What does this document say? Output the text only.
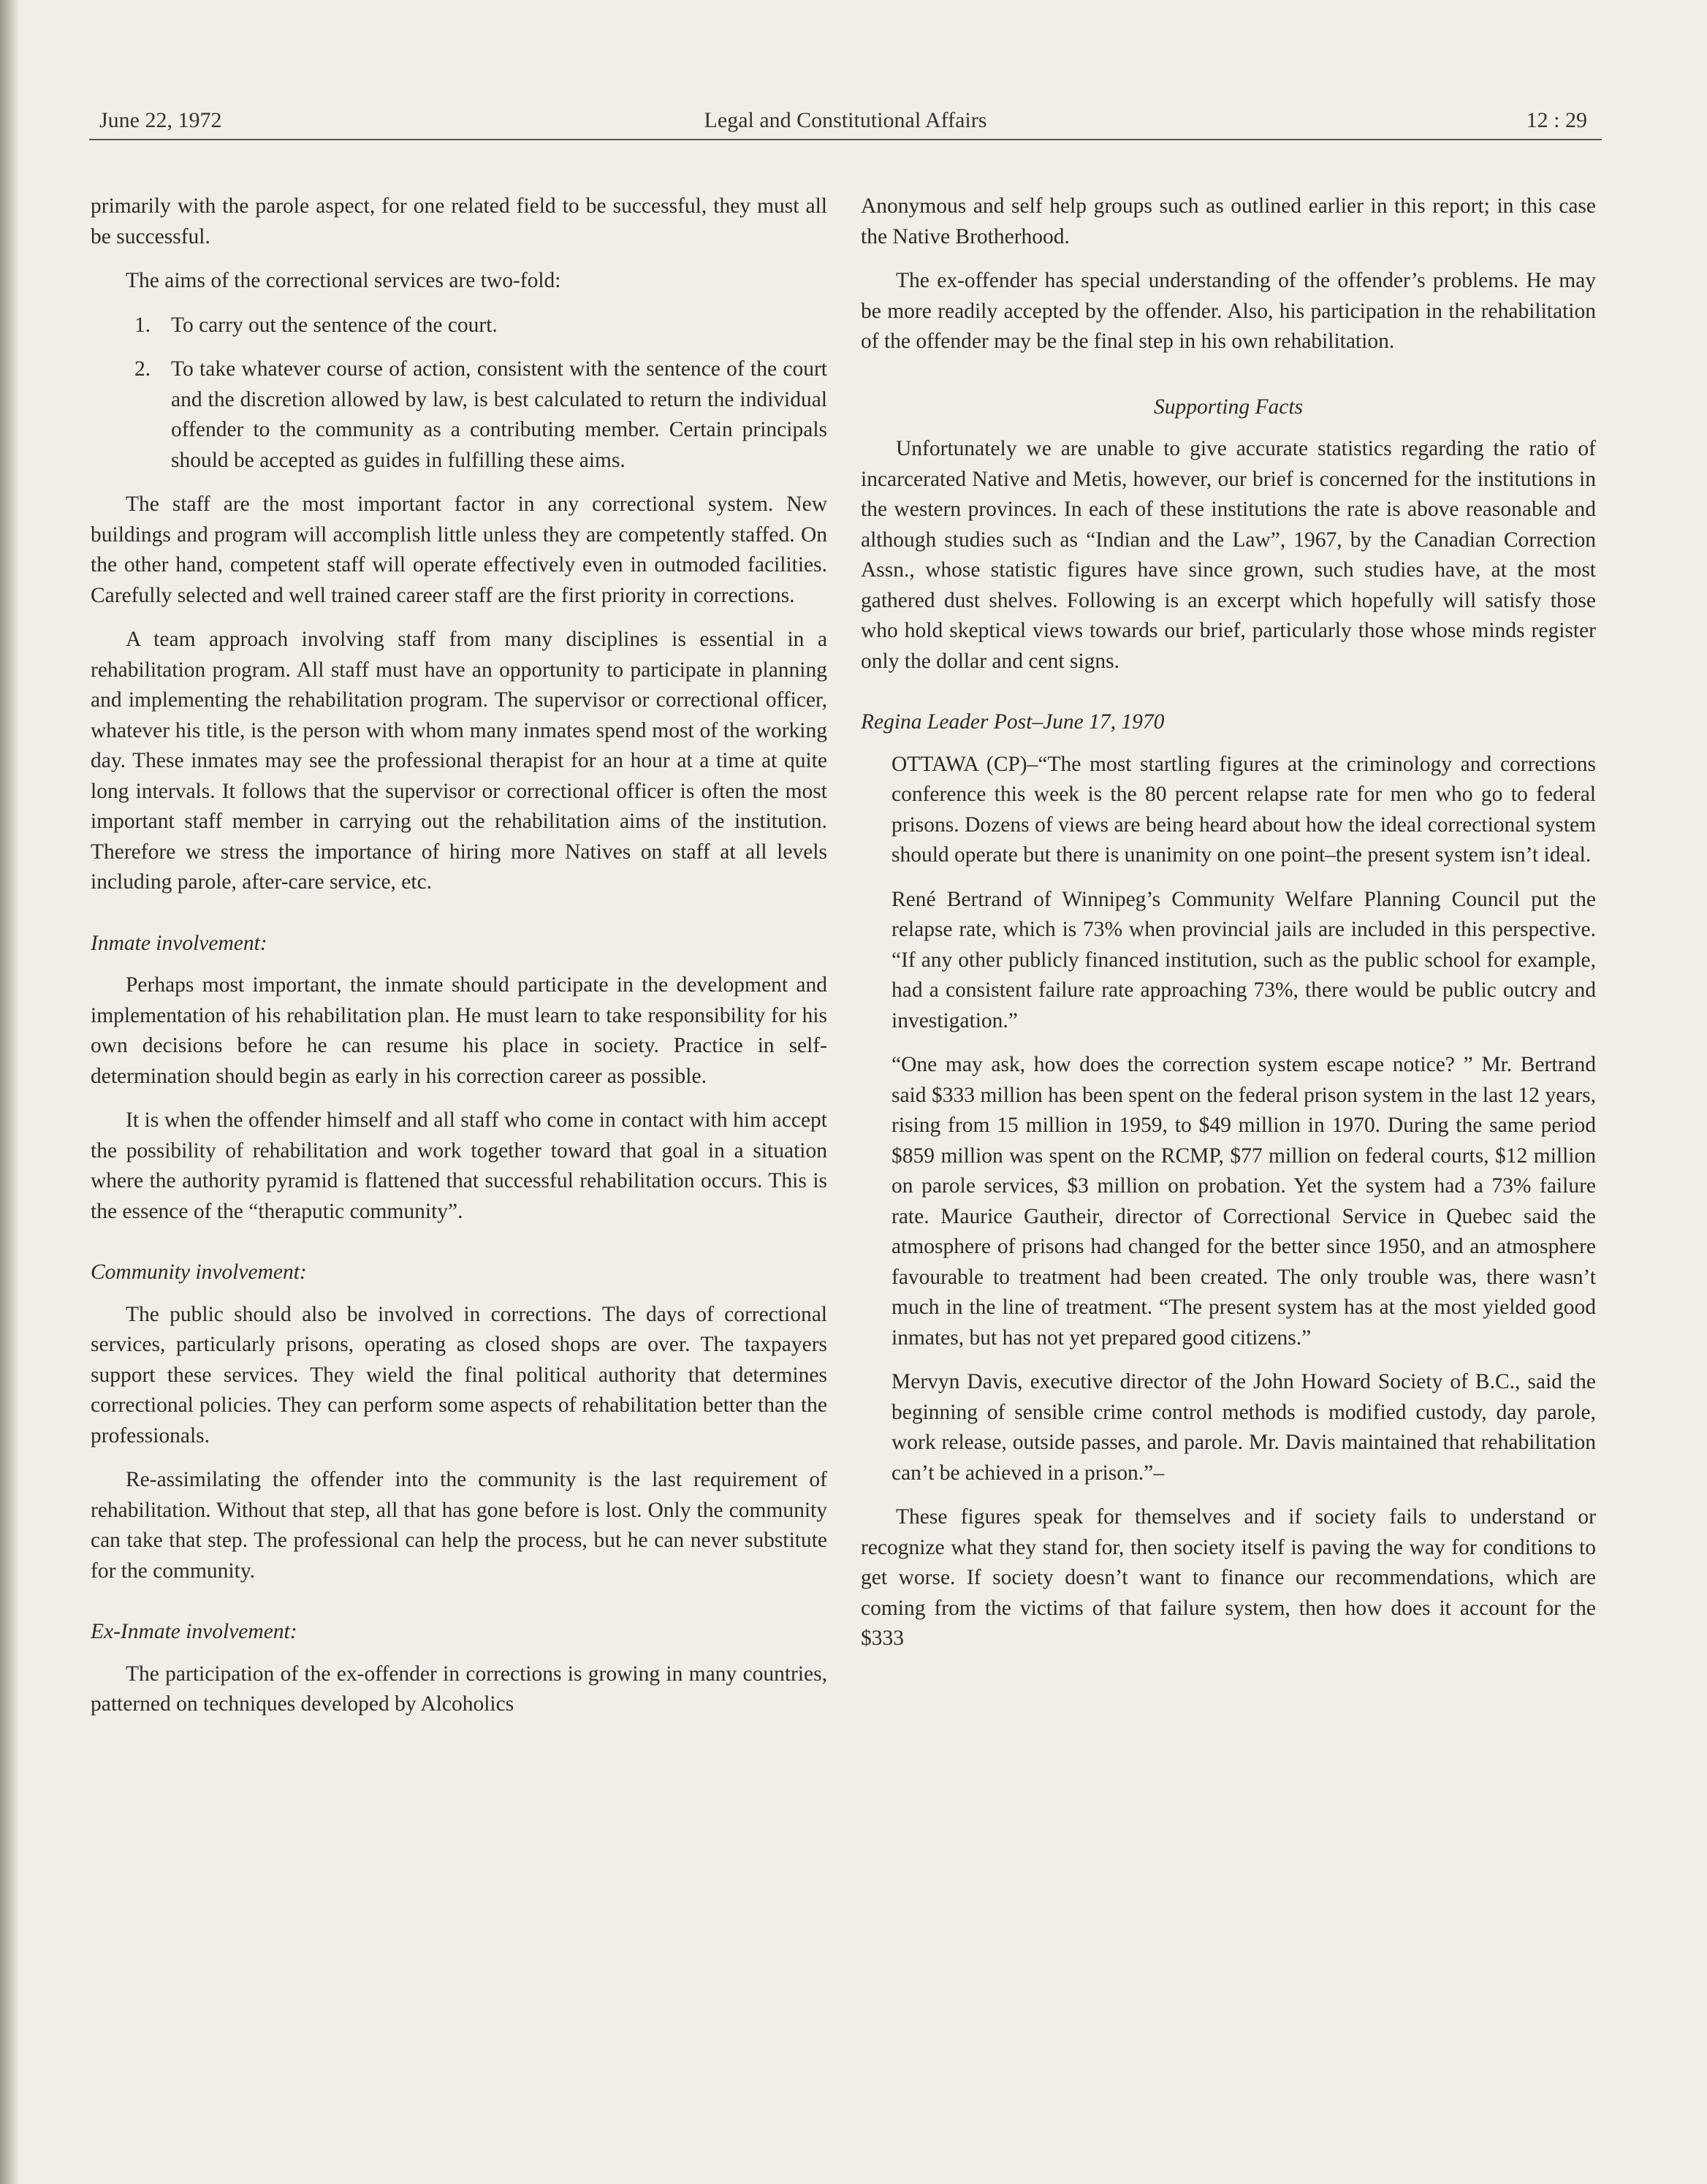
June 22, 1972	Legal and Constitutional Affairs	12 : 29

primarily with the parole aspect, for one related field to be successful, they must all be successful.

The aims of the correctional services are two-fold:

1. To carry out the sentence of the court.
2. To take whatever course of action, consistent with the sentence of the court and the discretion allowed by law, is best calculated to return the individual offender to the community as a contributing member. Certain principals should be accepted as guides in fulfilling these aims.

The staff are the most important factor in any correctional system. New buildings and program will accomplish little unless they are competently staffed. On the other hand, competent staff will operate effectively even in outmoded facilities. Carefully selected and well trained career staff are the first priority in corrections.

A team approach involving staff from many disciplines is essential in a rehabilitation program. All staff must have an opportunity to participate in planning and implementing the rehabilitation program. The supervisor or correctional officer, whatever his title, is the person with whom many inmates spend most of the working day. These inmates may see the professional therapist for an hour at a time at quite long intervals. It follows that the supervisor or correctional officer is often the most important staff member in carrying out the rehabilitation aims of the institution. Therefore we stress the importance of hiring more Natives on staff at all levels including parole, after-care service, etc.

Inmate involvement:

Perhaps most important, the inmate should participate in the development and implementation of his rehabilitation plan. He must learn to take responsibility for his own decisions before he can resume his place in society. Practice in self-determination should begin as early in his correction career as possible.

It is when the offender himself and all staff who come in contact with him accept the possibility of rehabilitation and work together toward that goal in a situation where the authority pyramid is flattened that successful rehabilitation occurs. This is the essence of the “theraputic community”.

Community involvement:

The public should also be involved in corrections. The days of correctional services, particularly prisons, operating as closed shops are over. The taxpayers support these services. They wield the final political authority that determines correctional policies. They can perform some aspects of rehabilitation better than the professionals.

Re-assimilating the offender into the community is the last requirement of rehabilitation. Without that step, all that has gone before is lost. Only the community can take that step. The professional can help the process, but he can never substitute for the community.

Ex-Inmate involvement:

The participation of the ex-offender in corrections is growing in many countries, patterned on techniques developed by Alcoholics

Anonymous and self help groups such as outlined earlier in this report; in this case the Native Brotherhood.

The ex-offender has special understanding of the offender’s problems. He may be more readily accepted by the offender. Also, his participation in the rehabilitation of the offender may be the final step in his own rehabilitation.

Supporting Facts

Unfortunately we are unable to give accurate statistics regarding the ratio of incarcerated Native and Metis, however, our brief is concerned for the institutions in the western provinces. In each of these institutions the rate is above reasonable and although studies such as “Indian and the Law”, 1967, by the Canadian Correction Assn., whose statistic figures have since grown, such studies have, at the most gathered dust shelves. Following is an excerpt which hopefully will satisfy those who hold skeptical views towards our brief, particularly those whose minds register only the dollar and cent signs.

Regina Leader Post–June 17, 1970

OTTAWA (CP)–“The most startling figures at the criminology and corrections conference this week is the 80 percent relapse rate for men who go to federal prisons. Dozens of views are being heard about how the ideal correctional system should operate but there is unanimity on one point–the present system isn’t ideal.

René Bertrand of Winnipeg’s Community Welfare Planning Council put the relapse rate, which is 73% when provincial jails are included in this perspective. “If any other publicly financed institution, such as the public school for example, had a consistent failure rate approaching 73%, there would be public outcry and investigation.”

“One may ask, how does the correction system escape notice? ” Mr. Bertrand said $333 million has been spent on the federal prison system in the last 12 years, rising from 15 million in 1959, to $49 million in 1970. During the same period $859 million was spent on the RCMP, $77 million on federal courts, $12 million on parole services, $3 million on probation. Yet the system had a 73% failure rate. Maurice Gautheir, director of Correctional Service in Quebec said the atmosphere of prisons had changed for the better since 1950, and an atmosphere favourable to treatment had been created. The only trouble was, there wasn’t much in the line of treatment. “The present system has at the most yielded good inmates, but has not yet prepared good citizens.”

Mervyn Davis, executive director of the John Howard Society of B.C., said the beginning of sensible crime control methods is modified custody, day parole, work release, outside passes, and parole. Mr. Davis maintained that rehabilitation can’t be achieved in a prison.”–

These figures speak for themselves and if society fails to understand or recognize what they stand for, then society itself is paving the way for conditions to get worse. If society doesn’t want to finance our recommendations, which are coming from the victims of that failure system, then how does it account for the $333
